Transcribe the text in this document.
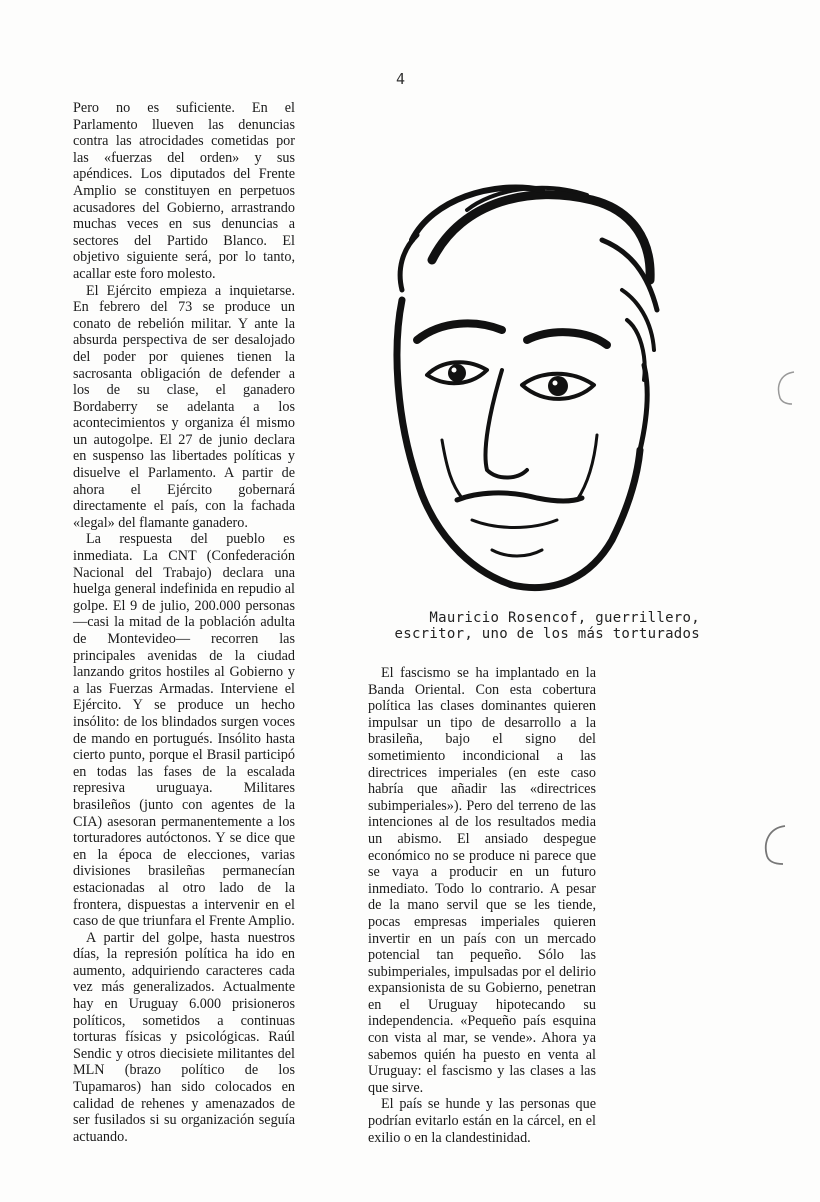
4

Pero no es suficiente. En el Parlamento llueven las denuncias contra las atrocidades cometidas por las «fuerzas del orden» y sus apéndices. Los diputados del Frente Amplio se constituyen en perpetuos acusadores del Gobierno, arrastrando muchas veces en sus denuncias a sectores del Partido Blanco. El objetivo siguiente será, por lo tanto, acallar este foro molesto.

El Ejército empieza a inquietarse. En febrero del 73 se produce un conato de rebelión militar. Y ante la absurda perspectiva de ser desalojado del poder por quienes tienen la sacrosanta obligación de defender a los de su clase, el ganadero Bordaberry se adelanta a los acontecimientos y organiza él mismo un autogolpe. El 27 de junio declara en suspenso las libertades políticas y disuelve el Parlamento. A partir de ahora el Ejército gobernará directamente el país, con la fachada «legal» del flamante ganadero.

La respuesta del pueblo es inmediata. La CNT (Confederación Nacional del Trabajo) declara una huelga general indefinida en repudio al golpe. El 9 de julio, 200.000 personas —casi la mitad de la población adulta de Montevideo— recorren las principales avenidas de la ciudad lanzando gritos hostiles al Gobierno y a las Fuerzas Armadas. Interviene el Ejército. Y se produce un hecho insólito: de los blindados surgen voces de mando en portugués. Insólito hasta cierto punto, porque el Brasil participó en todas las fases de la escalada represiva uruguaya. Militares brasileños (junto con agentes de la CIA) asesoran permanentemente a los torturadores autóctonos. Y se dice que en la época de elecciones, varias divisiones brasileñas permanecían estacionadas al otro lado de la frontera, dispuestas a intervenir en el caso de que triunfara el Frente Amplio.

A partir del golpe, hasta nuestros días, la represión política ha ido en aumento, adquiriendo caracteres cada vez más generalizados. Actualmente hay en Uruguay 6.000 prisioneros políticos, sometidos a continuas torturas físicas y psicológicas. Raúl Sendic y otros diecisiete militantes del MLN (brazo político de los Tupamaros) han sido colocados en calidad de rehenes y amenazados de ser fusilados si su organización seguía actuando.

Mauricio Rosencof, guerrillero,
escritor, uno de los más torturados

El fascismo se ha implantado en la Banda Oriental. Con esta cobertura política las clases dominantes quieren impulsar un tipo de desarrollo a la brasileña, bajo el signo del sometimiento incondicional a las directrices imperiales (en este caso habría que añadir las «directrices subimperiales»). Pero del terreno de las intenciones al de los resultados media un abismo. El ansiado despegue económico no se produce ni parece que se vaya a producir en un futuro inmediato. Todo lo contrario. A pesar de la mano servil que se les tiende, pocas empresas imperiales quieren invertir en un país con un mercado potencial tan pequeño. Sólo las subimperiales, impulsadas por el delirio expansionista de su Gobierno, penetran en el Uruguay hipotecando su independencia. «Pequeño país esquina con vista al mar, se vende». Ahora ya sabemos quién ha puesto en venta al Uruguay: el fascismo y las clases a las que sirve.

El país se hunde y las personas que podrían evitarlo están en la cárcel, en el exilio o en la clandestinidad.
